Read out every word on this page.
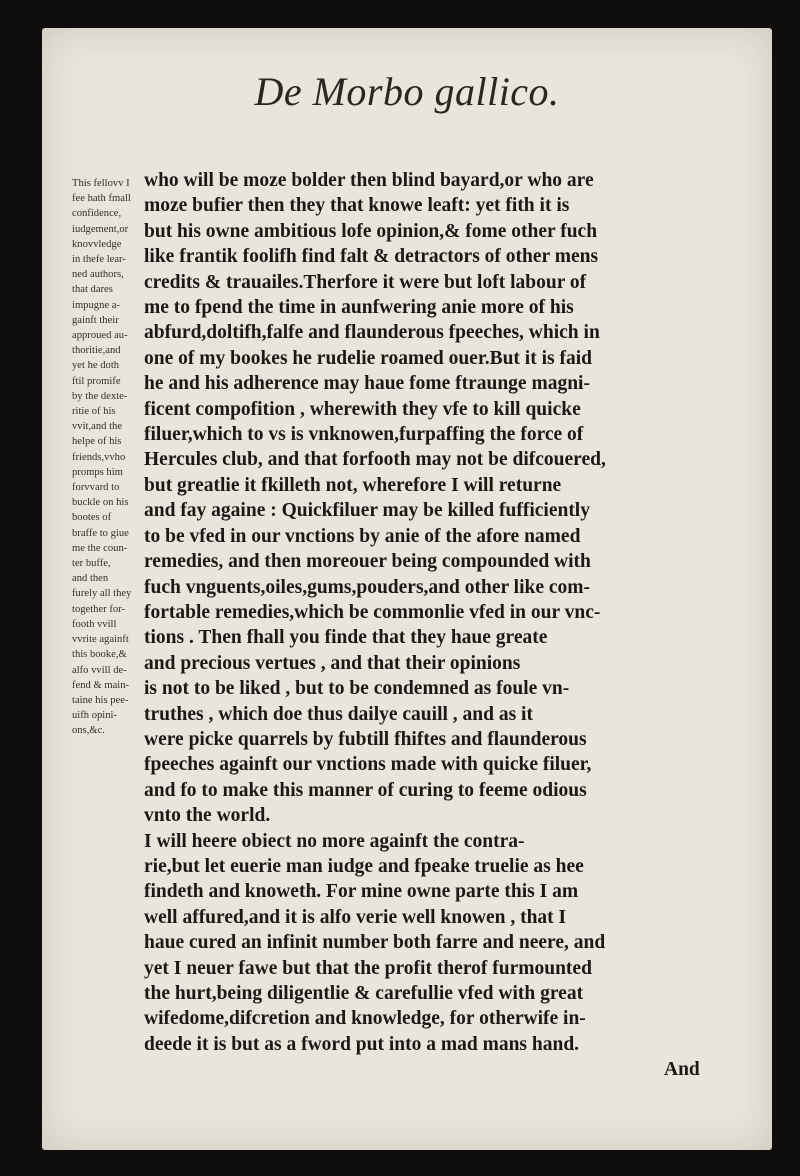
De Morbo gallico.
This fellovv I
fee hath fmall
confidence,
iudgement,or
knovvledge
in thefe lear-
ned authors,
that dares
impugne a-
gainft their
approued au-
thoritie,and
yet he doth
ftil promife
by the dexte-
ritie of his
vvit,and the
helpe of his
friends,vvho
promps him
forvvard to
buckle on his
bootes of
braffe to giue
me the coun-
ter buffe,
and then
furely all they
together for-
footh vvill
vvrite againft
this booke,&
alfo vvill de-
fend & main-
taine his pee-
uifh opini-
ons,&c.
who will be moze bolder then blind bayard,or who are
moze bufier then they that knowe leaft: yet fith it is
but his owne ambitious lofe opinion,& fome other fuch
like frantik foolifh find falt & detractors of other mens
credits & trauailes.Therfore it were but loft labour of
me to fpend the time in aunfwering anie more of his
abfurd,doltifh,falfe and flaunderous fpeeches, which in
one of my bookes he rudelie roamed ouer.But it is faid
he and his adherence may haue fome ftraunge magni-
ficent compofition , wherewith they vfe to kill quicke
filuer,which to vs is vnknowen,furpaffing the force of
Hercules club, and that forfooth may not be difcouered,
but greatlie it fkilleth not, wherefore I will returne
and fay againe : Quickfiluer may be killed fufficiently
to be vfed in our vnctions by anie of the afore named
remedies, and then moreouer being compounded with
fuch vnguents,oiles,gums,pouders,and other like com-
fortable remedies,which be commonlie vfed in our vnc-
tions . Then fhall you finde that they haue greate
and precious vertues , and that their opinions
is not to be liked , but to be condemned as foule vn-
truthes , which doe thus dailye cauill , and as it
were picke quarrels by fubtill fhiftes and flaunderous
fpeeches againft our vnctions made with quicke filuer,
and fo to make this manner of curing to feeme odious
vnto the world.
I will heere obiect no more againft the contra-
rie,but let euerie man iudge and fpeake truelie as hee
findeth and knoweth. For mine owne parte this I am
well affured,and it is alfo verie well knowen , that I
haue cured an infinit number both farre and neere, and
yet I neuer fawe but that the profit therof furmounted
the hurt,being diligentlie & carefullie vfed with great
wifedome,difcretion and knowledge, for otherwife in-
deede it is but as a fword put into a mad mans hand.
And
